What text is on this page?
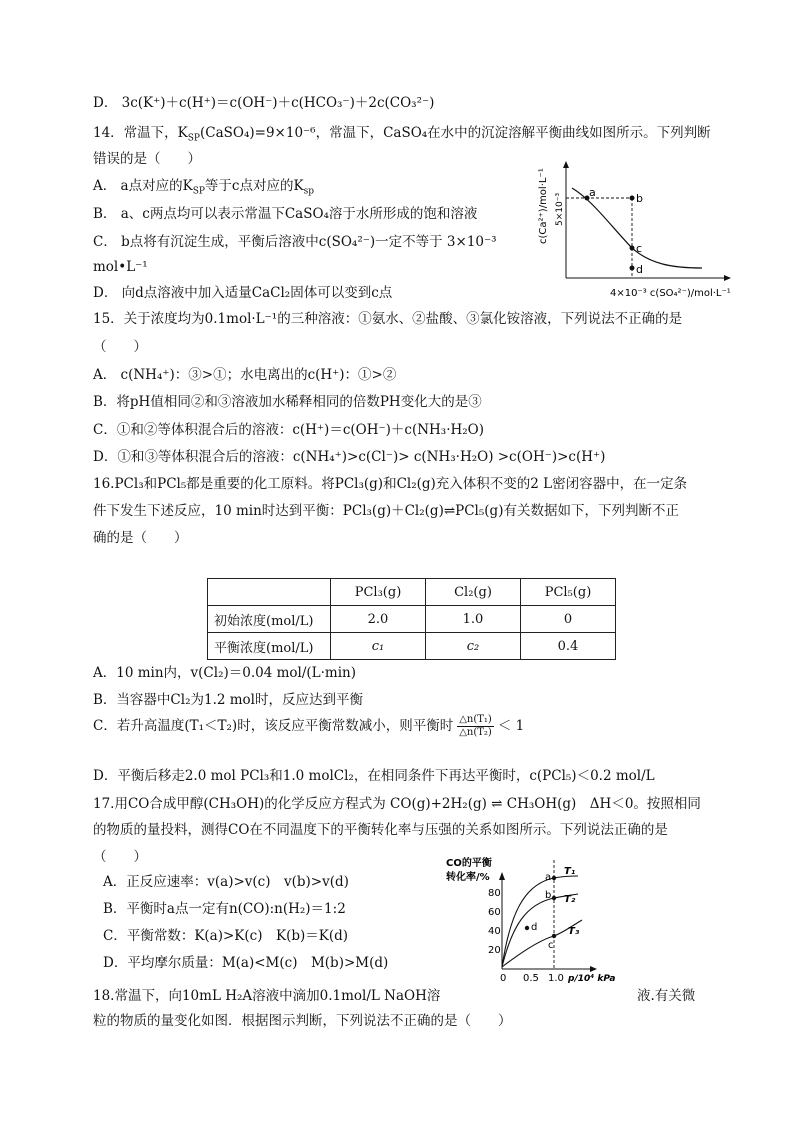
D． 3c(K⁺)＋c(H⁺)＝c(OH⁻)＋c(HCO₃⁻)＋2c(CO₃²⁻)
14．常温下，$K_{SP}(CaSO_4)=9\times 10^{-6}$，常温下，CaSO₄在水中的沉淀溶解平衡曲线如图所示。下列判断
错误的是（　　）
A． a点对应的$K_{SP}$等于c点对应的$K_{sp}$
B． a、c两点均可以表示常温下CaSO₄溶于水所形成的饱和溶液
C． b点将有沉淀生成，平衡后溶液中c(SO₄²⁻)一定不等于 3×10⁻³
mol•L⁻¹
D． 向d点溶液中加入适量CaCl₂固体可以变到c点
a	b
c
d
c(Ca²⁺)/mol·L⁻¹ 5×10⁻³
4×10⁻³ c(SO₄²⁻)/mol·L⁻¹
15．关于浓度均为0.1mol·L⁻¹的三种溶液：①氨水、②盐酸、③氯化铵溶液，下列说法不正确的是
（　　）
A． c(NH₄⁺)：③>①；水电离出的c(H⁺)：①>②
B．将pH值相同②和③溶液加水稀释相同的倍数PH变化大的是③
C．①和②等体积混合后的溶液：c(H⁺)＝c(OH⁻)＋c(NH₃·H₂O)
D．①和③等体积混合后的溶液：c(NH₄⁺)>c(Cl⁻)> c(NH₃·H₂O) >c(OH⁻)>c(H⁺)
16.PCl₃和PCl₅都是重要的化工原料。将PCl₃(g)和Cl₂(g)充入体积不变的2 L密闭容器中，在一定条
件下发生下述反应，10 min时达到平衡：PCl₃(g)＋Cl₂(g)⇌PCl₅(g)有关数据如下，下列判断不正
确的是（　　）
	PCl₃(g)	Cl₂(g)	PCl₅(g)
初始浓度(mol/L)	2.0	1.0	0
平衡浓度(mol/L)	c₁	c₂	0.4
A．10 min内，v(Cl₂)＝0.04 mol/(L·min)
B．当容器中Cl₂为1.2 mol时，反应达到平衡
C．若升高温度(T₁＜T₂)时，该反应平衡常数减小，则平衡时 $\frac{\text{△n(T₁)}}{\text{△n(T₂)}} < 1$
D．平衡后移走2.0 mol PCl₃和1.0 molCl₂，在相同条件下再达平衡时，c(PCl₅)＜0.2 mol/L
17.用CO合成甲醇(CH₃OH)的化学反应方程式为 CO(g)+2H₂(g) ⇌ CH₃OH(g)　ΔH＜0。按照相同
的物质的量投料，测得CO在不同温度下的平衡转化率与压强的关系如图所示。下列说法正确的是
（　　）
A．正反应速率：v(a)>v(c)　v(b)>v(d)
B．平衡时a点一定有n(CO):n(H₂)＝1:2
C．平衡常数：K(a)>K(c)　K(b)＝K(d)
D．平均摩尔质量：M(a)<M(c)　M(b)>M(d)
CO的平衡
转化率/%
80
60
40
20
0 0.5 1.0 p/10⁴ kPa
T₁
T₂
T₃
a
b
c
d
18.常温下，向10mL H₂A溶液中滴加0.1mol/L NaOH溶	液.有关微
粒的物质的量变化如图．根据图示判断，下列说法不正确的是（　　）
